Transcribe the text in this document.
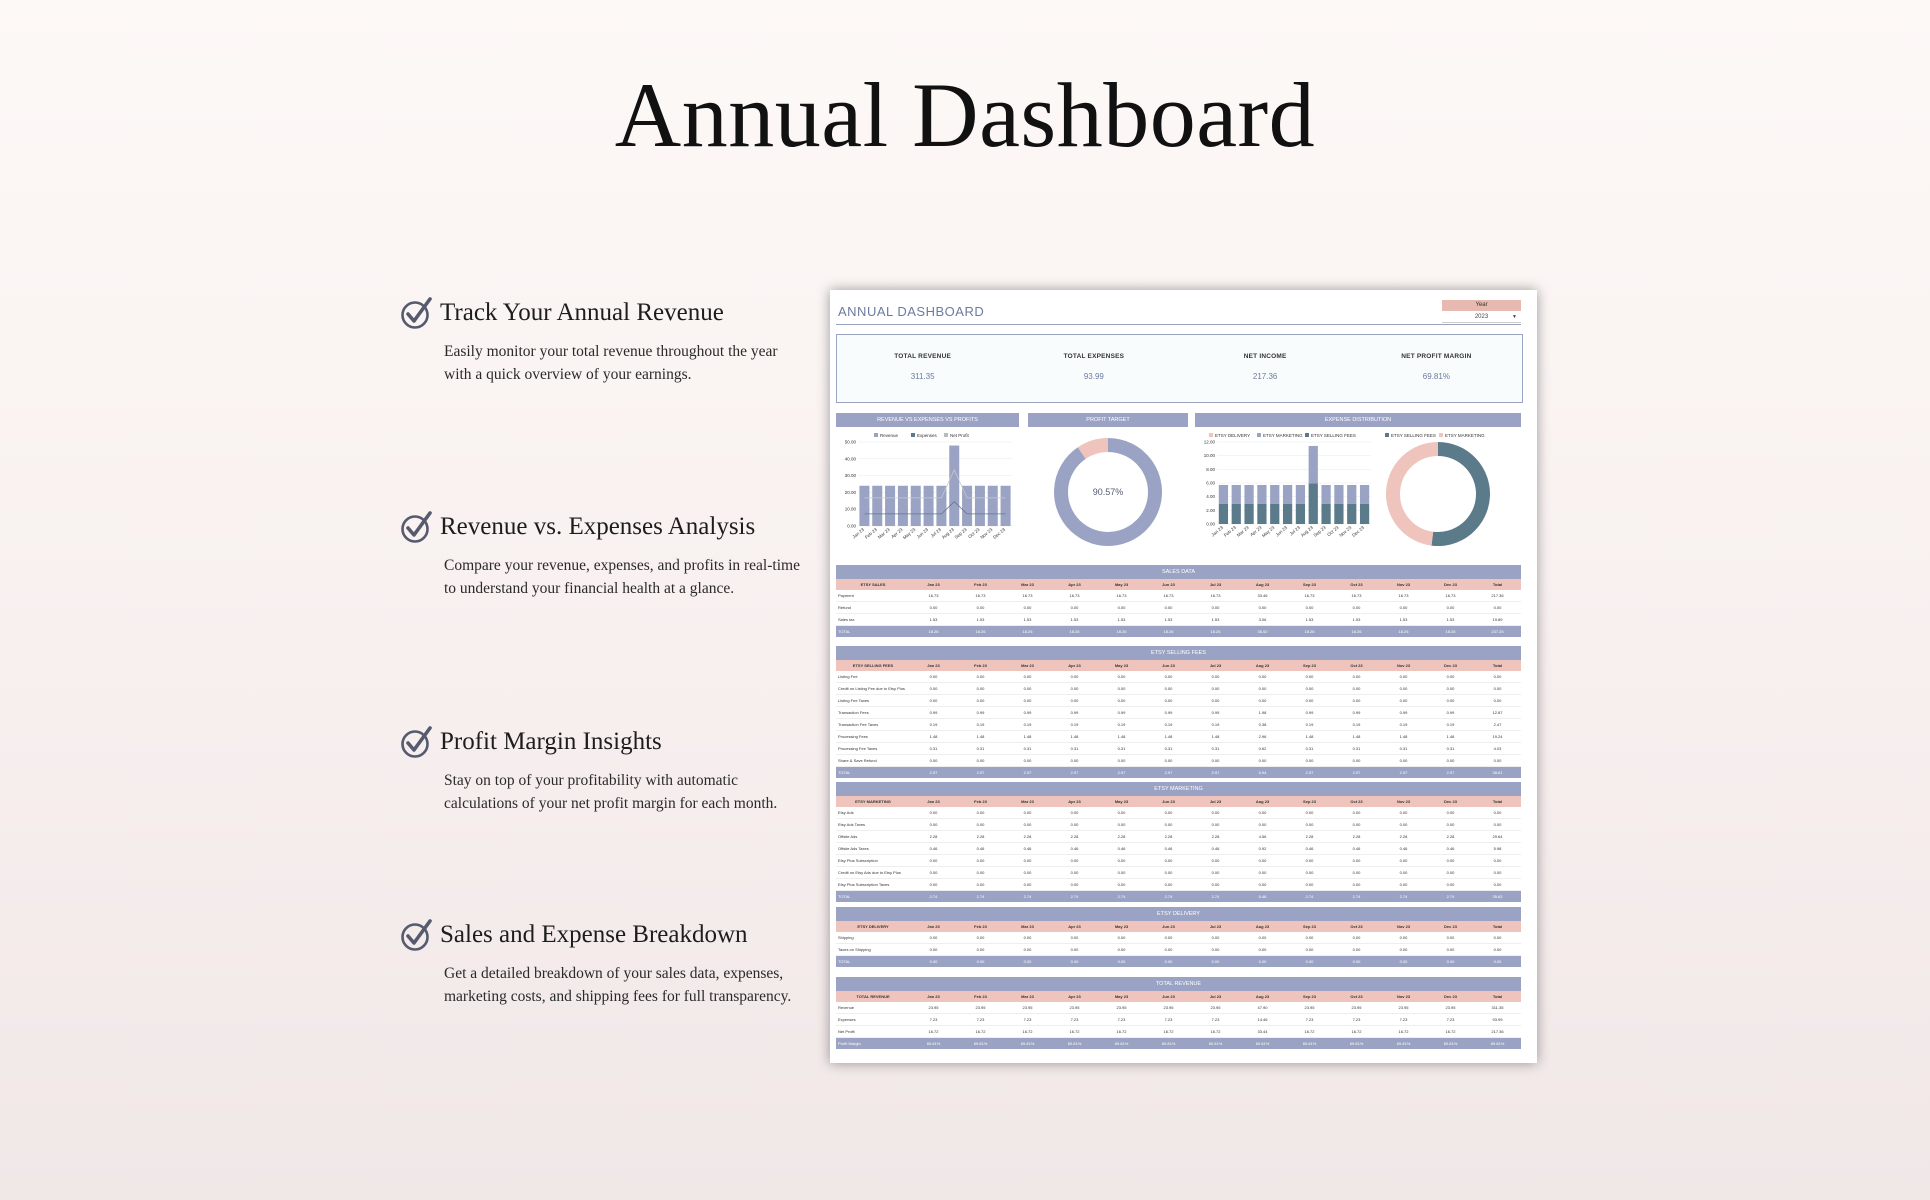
Annual Dashboard
Track Your Annual Revenue
Easily monitor your total revenue throughout the year with a quick overview of your earnings.
Revenue vs. Expenses Analysis
Compare your revenue, expenses, and profits in real-time to understand your financial health at a glance.
Profit Margin Insights
Stay on top of your profitability with automatic calculations of your net profit margin for each month.
Sales and Expense Breakdown
Get a detailed breakdown of your sales data, expenses, marketing costs, and shipping fees for full transparency.
ANNUAL DASHBOARD	Year
2023	▼
TOTAL REVENUE
311.35
TOTAL EXPENSES
93.99
NET INCOME
217.36
NET PROFIT MARGIN
69.81%
REVENUE VS EXPENSES VS PROFITS	PROFIT TARGET	EXPENSE DISTRIBUTION
Revenue	Expenses	Net Profit
0.00
10.00
20.00
30.00
40.00
50.00
Jan 23
Feb 23
Mar 23 Apr 23
May 23 Jun 23 Jul 23
Aug 23
Sep 23 Oct 23
Nov 23
Dec 23
90.57%
ETSY DELIVERY	ETSY MARKETING ETSY SELLING FEES
0.00
2.00
4.00
6.00
8.00
10.00
12.00
Jan 23
Feb 23
Mar 23 Apr 23
May 23 Jun 23 Jul 23
Aug 23
Sep 23 Oct 23
Nov 23
Dec 23
ETSY SELLING FEES ETSY MARKETING
SALES DATA
ETSY SALES	Jan 23	Feb 23	Mar 23	Apr 23	May 23	Jun 23	Jul 23	Aug 23	Sep 23	Oct 23	Nov 23	Dec 23	Total
Payment	16.73	16.73	16.73	16.73	16.73	16.73	16.73	33.46	16.73	16.73	16.73	16.73	217.36
Refund	0.00	0.00	0.00	0.00	0.00	0.00	0.00	0.00	0.00	0.00	0.00	0.00	0.00
Sales tax	1.53	1.53	1.53	1.53	1.53	1.53	1.53	3.06	1.53	1.53	1.53	1.53	19.89
TOTAL	18.26	18.26	18.26	18.26	18.26	18.26	18.26	36.52	18.26	18.26	18.26	18.26	237.25
ETSY SELLING FEES
ETSY SELLING FEES	Jan 23	Feb 23	Mar 23	Apr 23	May 23	Jun 23	Jul 23	Aug 23	Sep 23	Oct 23	Nov 23	Dec 23	Total
Listing Fee	0.00	0.00	0.00	0.00	0.00	0.00	0.00	0.00	0.00	0.00	0.00	0.00	0.00
Credit on Listing Fee due to Etsy Plus	0.00	0.00	0.00	0.00	0.00	0.00	0.00	0.00	0.00	0.00	0.00	0.00	0.00
Listing Fee Taxes	0.00	0.00	0.00	0.00	0.00	0.00	0.00	0.00	0.00	0.00	0.00	0.00	0.00
Transaction Fees	0.99	0.99	0.99	0.99	0.99	0.99	0.99	1.98	0.99	0.99	0.99	0.99	12.87
Transaction Fee Taxes	0.19	0.19	0.19	0.19	0.19	0.19	0.19	0.38	0.19	0.19	0.19	0.19	2.47
Processing Fees	1.48	1.48	1.48	1.48	1.48	1.48	1.48	2.96	1.48	1.48	1.48	1.48	19.24
Processing Fee Taxes	0.31	0.31	0.31	0.31	0.31	0.31	0.31	0.62	0.31	0.31	0.31	0.31	4.03
Share & Save Refund	0.00	0.00	0.00	0.00	0.00	0.00	0.00	0.00	0.00	0.00	0.00	0.00	0.00
TOTAL	2.97	2.97	2.97	2.97	2.97	2.97	2.97	5.94	2.97	2.97	2.97	2.97	38.61
ETSY MARKETING
ETSY MARKETING	Jan 23	Feb 23	Mar 23	Apr 23	May 23	Jun 23	Jul 23	Aug 23	Sep 23	Oct 23	Nov 23	Dec 23	Total
Etsy Ads	0.00	0.00	0.00	0.00	0.00	0.00	0.00	0.00	0.00	0.00	0.00	0.00	0.00
Etsy Ads Taxes	0.00	0.00	0.00	0.00	0.00	0.00	0.00	0.00	0.00	0.00	0.00	0.00	0.00
Offsite Ads	2.28	2.28	2.28	2.28	2.28	2.28	2.28	4.56	2.28	2.28	2.28	2.28	29.64
Offsite Ads Taxes	0.46	0.46	0.46	0.46	0.46	0.46	0.46	0.92	0.46	0.46	0.46	0.46	5.98
Etsy Plus Subscription	0.00	0.00	0.00	0.00	0.00	0.00	0.00	0.00	0.00	0.00	0.00	0.00	0.00
Credit on Etsy Ads due to Etsy Plus	0.00	0.00	0.00	0.00	0.00	0.00	0.00	0.00	0.00	0.00	0.00	0.00	0.00
Etsy Plus Subscription Taxes	0.00	0.00	0.00	0.00	0.00	0.00	0.00	0.00	0.00	0.00	0.00	0.00	0.00
TOTAL	2.74	2.74	2.74	2.74	2.74	2.74	2.74	5.48	2.74	2.74	2.74	2.74	35.62
ETSY DELIVERY
ETSY DELIVERY	Jan 23	Feb 23	Mar 23	Apr 23	May 23	Jun 23	Jul 23	Aug 23	Sep 23	Oct 23	Nov 23	Dec 23	Total
Shipping	0.00	0.00	0.00	0.00	0.00	0.00	0.00	0.00	0.00	0.00	0.00	0.00	0.00
Taxes on Shipping	0.00	0.00	0.00	0.00	0.00	0.00	0.00	0.00	0.00	0.00	0.00	0.00	0.00
TOTAL	0.00	0.00	0.00	0.00	0.00	0.00	0.00	0.00	0.00	0.00	0.00	0.00	0.00
TOTAL REVENUE
TOTAL REVENUE	Jan 23	Feb 23	Mar 23	Apr 23	May 23	Jun 23	Jul 23	Aug 23	Sep 23	Oct 23	Nov 23	Dec 23	Total
Revenue	23.95	23.95	23.95	23.95	23.95	23.95	23.95	47.90	23.95	23.95	23.95	23.95	311.35
Expenses	7.23	7.23	7.23	7.23	7.23	7.23	7.23	14.46	7.23	7.23	7.23	7.23	93.99
Net Profit	16.72	16.72	16.72	16.72	16.72	16.72	16.72	33.44	16.72	16.72	16.72	16.72	217.36
Profit Margin	69.81%	69.81%	69.81%	69.81%	69.81%	69.81%	69.81%	69.81%	69.81%	69.81%	69.81%	69.81%	69.81%
